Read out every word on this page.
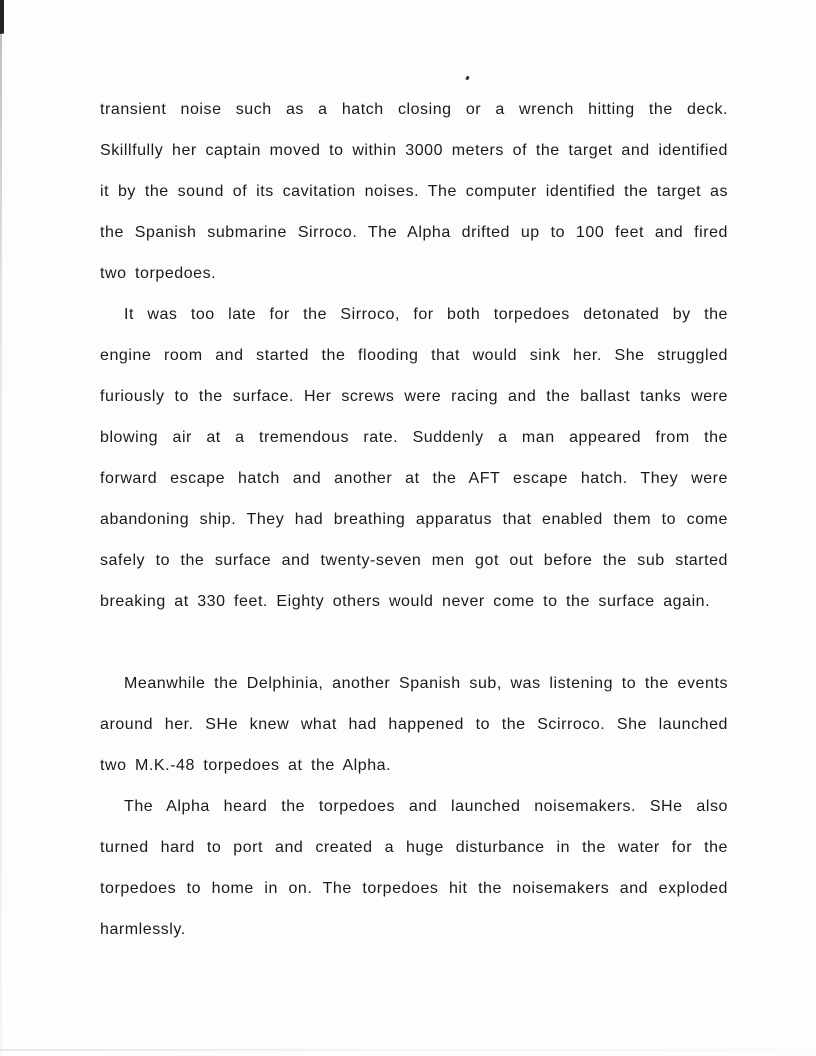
transient noise such as a hatch closing or a wrench hitting the deck. Skillfully her captain moved to within 3000 meters of the target and identified it by the sound of its cavitation noises. The computer identified the target as the Spanish submarine Sirroco. The Alpha drifted up to 100 feet and fired two torpedoes.

It was too late for the Sirroco, for both torpedoes detonated by the engine room and started the flooding that would sink her. She struggled furiously to the surface. Her screws were racing and the ballast tanks were blowing air at a tremendous rate. Suddenly a man appeared from the forward escape hatch and another at the AFT escape hatch. They were abandoning ship. They had breathing apparatus that enabled them to come safely to the surface and twenty-seven men got out before the sub started breaking at 330 feet. Eighty others would never come to the surface again.

Meanwhile the Delphinia, another Spanish sub, was listening to the events around her. SHe knew what had happened to the Scirroco. She launched two M.K.-48 torpedoes at the Alpha.

The Alpha heard the torpedoes and launched noisemakers. SHe also turned hard to port and created a huge disturbance in the water for the torpedoes to home in on. The torpedoes hit the noisemakers and exploded harmlessly.
